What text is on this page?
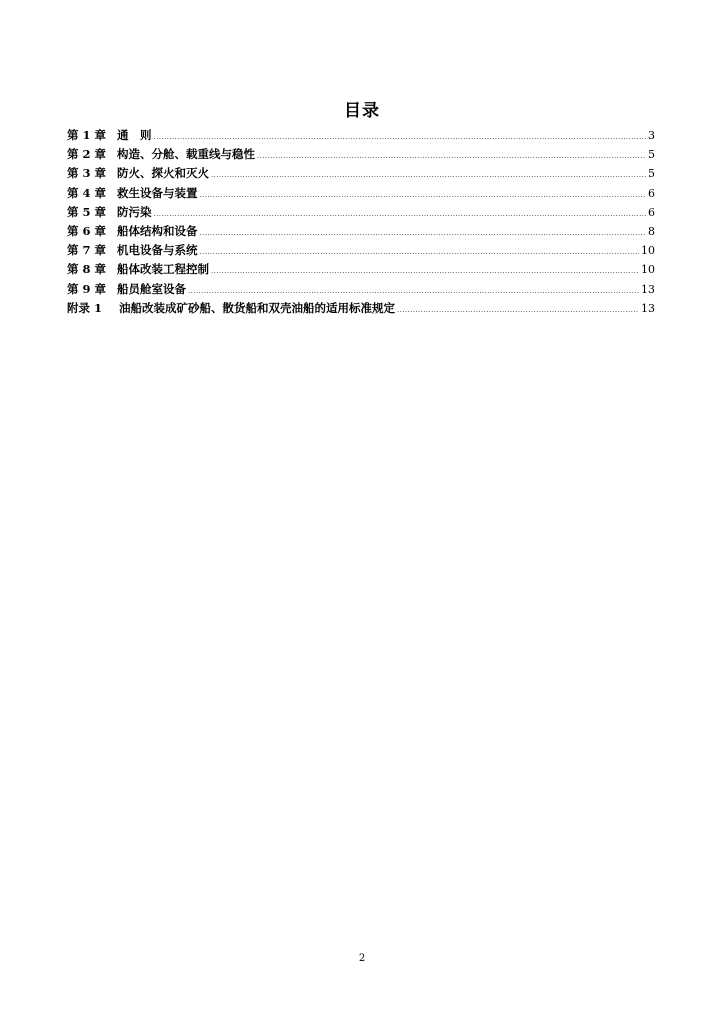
目录
第 1 章 通　则 .....	3
第 2 章 构造、分舱、载重线与稳性 .....	5
第 3 章 防火、探火和灭火 .....	5
第 4 章 救生设备与装置 .....	6
第 5 章 防污染 .....	6
第 6 章 船体结构和设备 .....	8
第 7 章 机电设备与系统 .....	10
第 8 章 船体改装工程控制 .....	10
第 9 章 船员舱室设备 .....	13
附录 1	油船改装成矿砂船、散货船和双壳油船的适用标准规定 .....	13
2
